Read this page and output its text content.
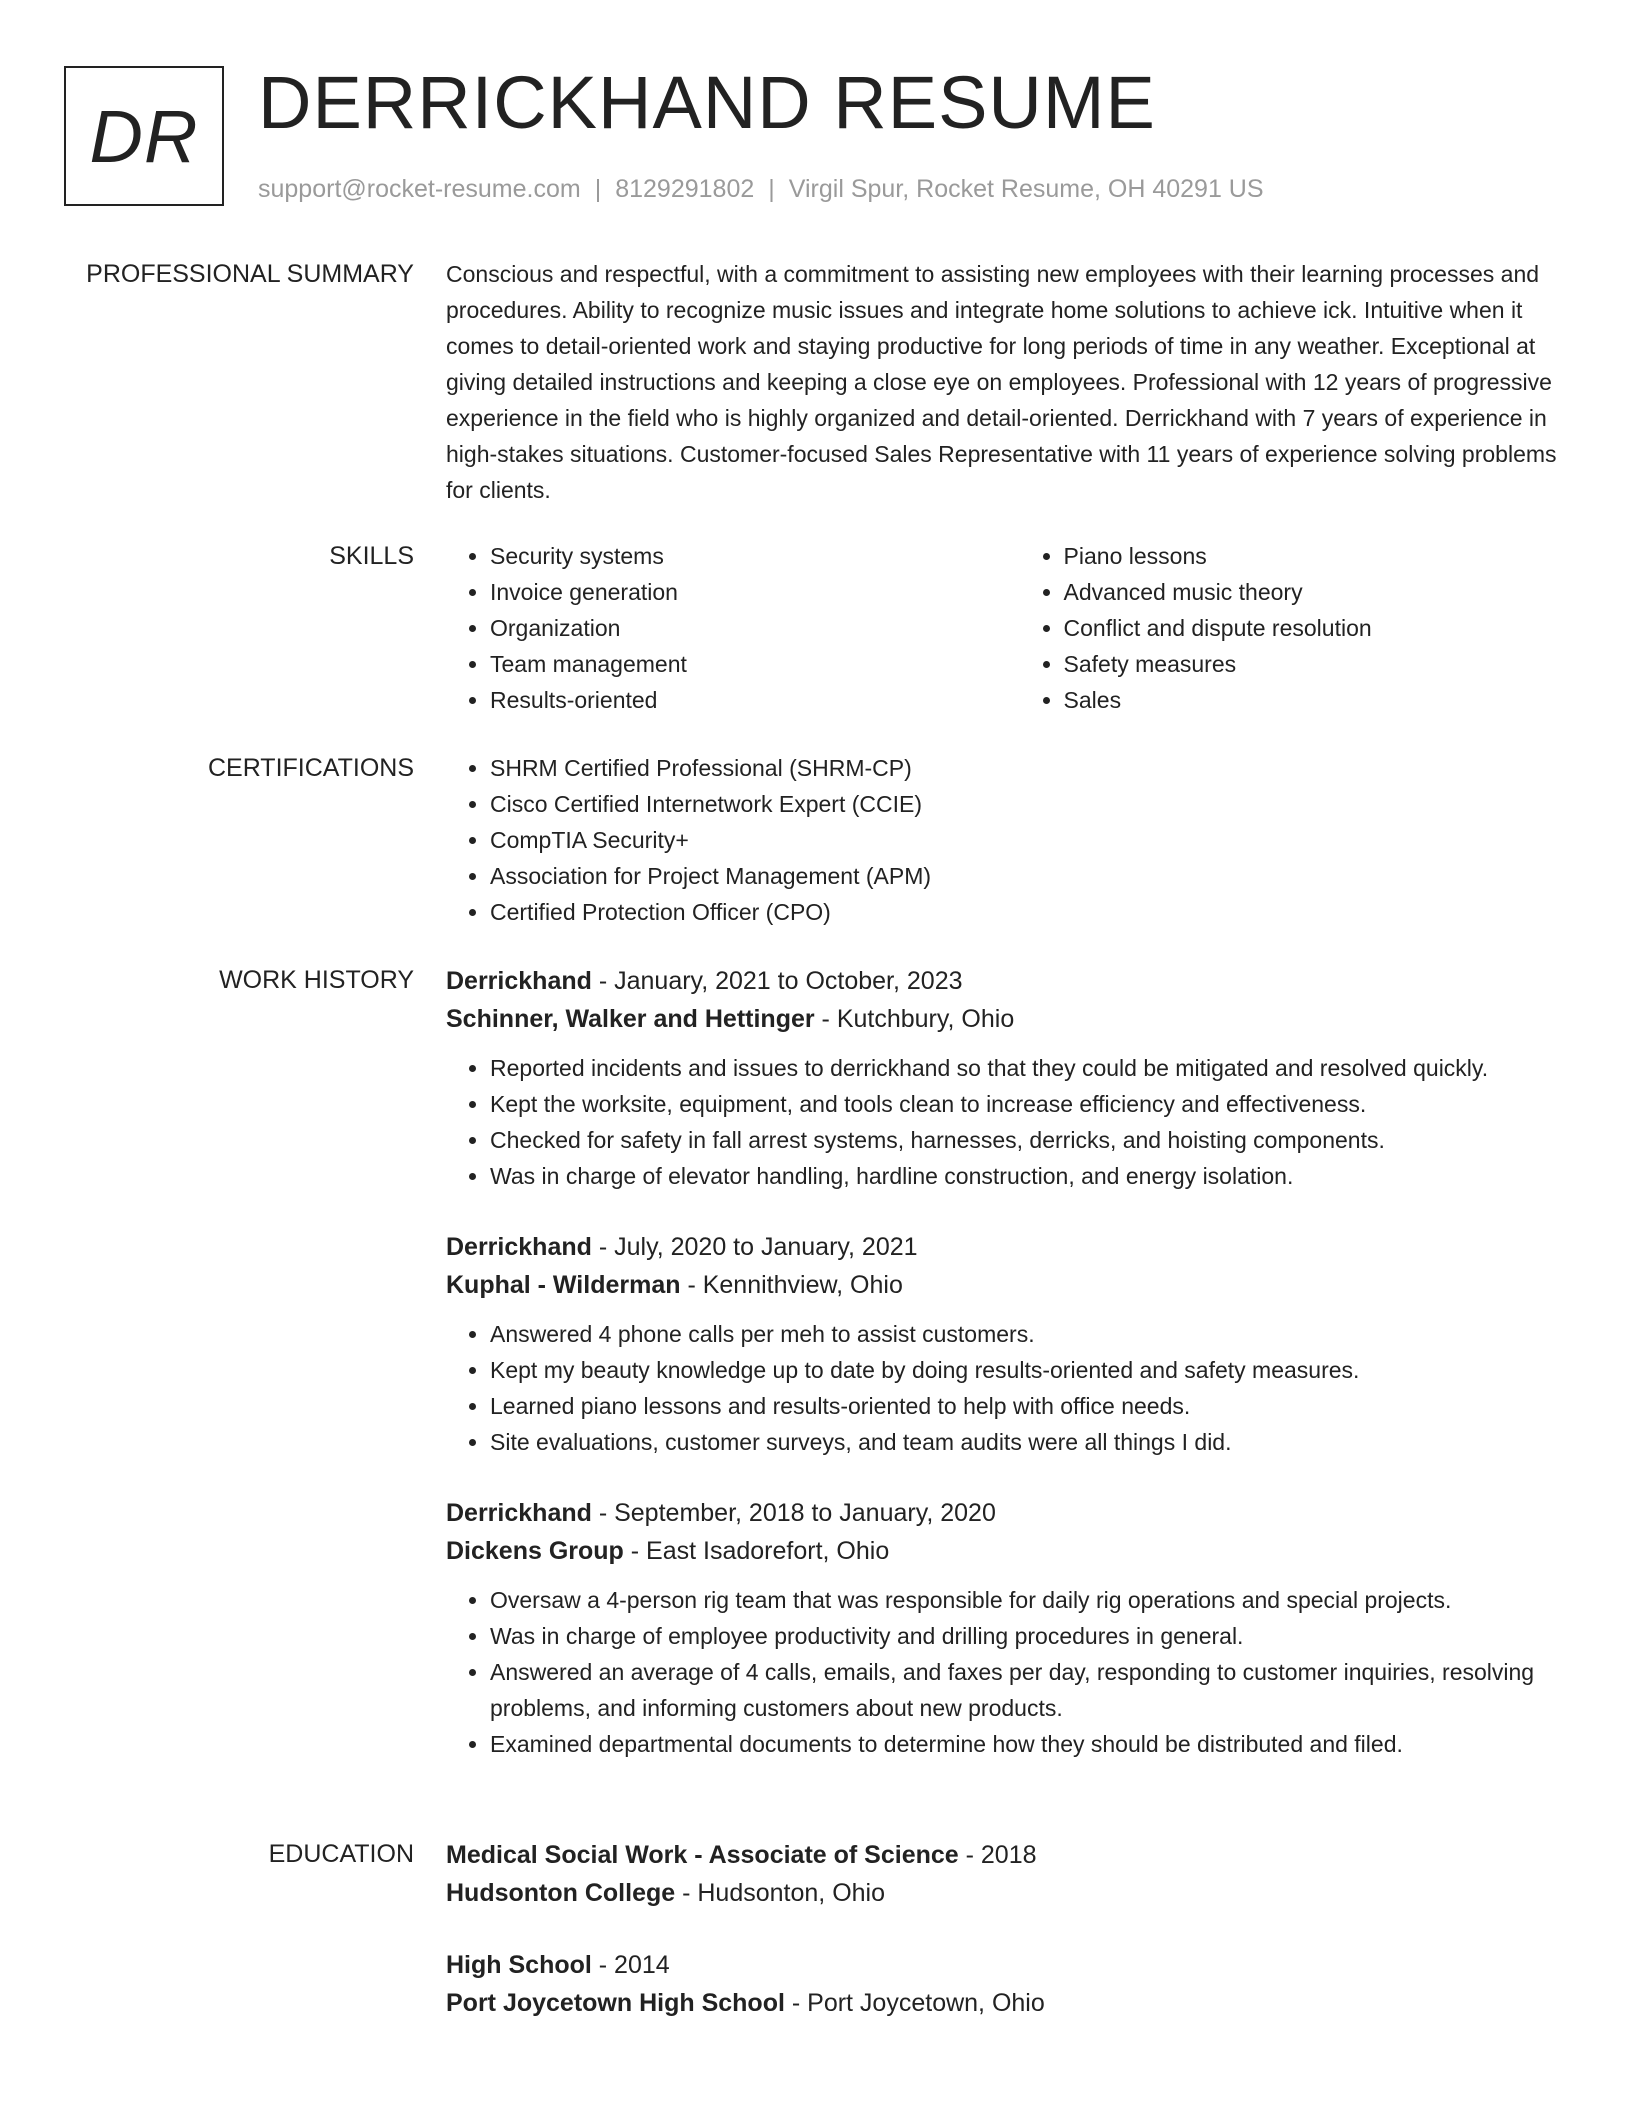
DR DERRICKHAND RESUME
support@rocket-resume.com | 8129291802 | Virgil Spur, Rocket Resume, OH 40291 US
PROFESSIONAL SUMMARY Conscious and respectful, with a commitment to assisting new employees with their learning processes and procedures. Ability to recognize music issues and integrate home solutions to achieve ick. Intuitive when it comes to detail-oriented work and staying productive for long periods of time in any weather. Exceptional at giving detailed instructions and keeping a close eye on employees. Professional with 12 years of progressive experience in the field who is highly organized and detail-oriented. Derrickhand with 7 years of experience in high-stakes situations. Customer-focused Sales Representative with 11 years of experience solving problems for clients.

SKILLS	• Security systems
• Invoice generation
• Organization
• Team management
• Results-oriented
• Piano lessons
• Advanced music theory
• Conflict and dispute resolution
• Safety measures
• Sales
CERTIFICATIONS	• SHRM Certified Professional (SHRM-CP)
• Cisco Certified Internetwork Expert (CCIE)
• CompTIA Security+
• Association for Project Management (APM)
• Certified Protection Officer (CPO)
WORK HISTORY Derrickhand - January, 2021 to October, 2023
Schinner, Walker and Hettinger - Kutchbury, Ohio
• Reported incidents and issues to derrickhand so that they could be mitigated and resolved quickly.
• Kept the worksite, equipment, and tools clean to increase efficiency and effectiveness.
• Checked for safety in fall arrest systems, harnesses, derricks, and hoisting components.
• Was in charge of elevator handling, hardline construction, and energy isolation.
Derrickhand - July, 2020 to January, 2021
Kuphal - Wilderman - Kennithview, Ohio
• Answered 4 phone calls per meh to assist customers.
• Kept my beauty knowledge up to date by doing results-oriented and safety measures.
• Learned piano lessons and results-oriented to help with office needs.
• Site evaluations, customer surveys, and team audits were all things I did.
Derrickhand - September, 2018 to January, 2020
Dickens Group - East Isadorefort, Ohio
• Oversaw a 4-person rig team that was responsible for daily rig operations and special projects.
• Was in charge of employee productivity and drilling procedures in general.
• Answered an average of 4 calls, emails, and faxes per day, responding to customer inquiries, resolving problems, and informing customers about new products.
• Examined departmental documents to determine how they should be distributed and filed.
EDUCATION Medical Social Work - Associate of Science - 2018
Hudsonton College - Hudsonton, Ohio
High School - 2014
Port Joycetown High School - Port Joycetown, Ohio
